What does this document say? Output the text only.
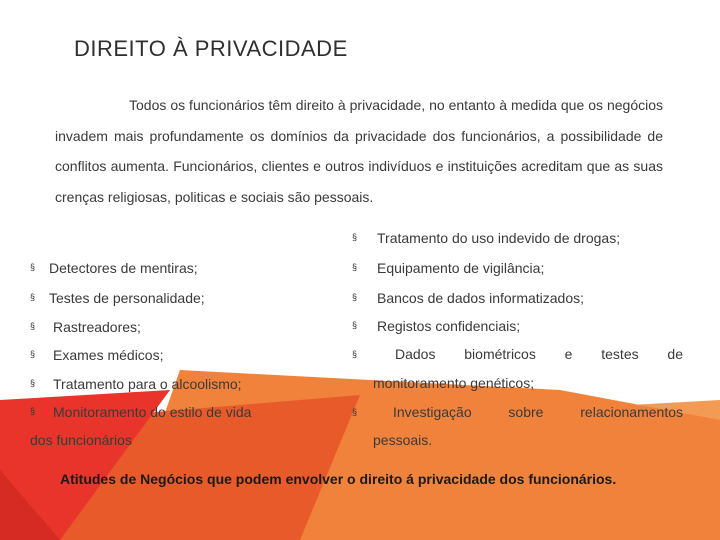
DIREITO À PRIVACIDADE
Todos os funcionários têm direito à privacidade, no entanto à medida que os negócios invadem mais profundamente os domínios da privacidade dos funcionários, a possibilidade de conflitos aumenta. Funcionários, clientes e outros indivíduos e instituições acreditam que as suas crenças religiosas, politicas e sociais são pessoais.
§ Tratamento do uso indevido de drogas;
§ Equipamento de vigilância;
§ Bancos de dados informatizados;
§ Registos confidenciais;
§	Dados biométricos e testes de
monitoramento genéticos;
§	Investigação	sobre	relacionamentos
pessoais.
§ Detectores de mentiras;
§ Testes de personalidade;
§ Rastreadores;
§ Exames médicos;
§ Tratamento para o alcoolismo;
§ Monitoramento do estilo de vida
dos funcionários
Atitudes de Negócios que podem envolver o direito á privacidade dos funcionários.
